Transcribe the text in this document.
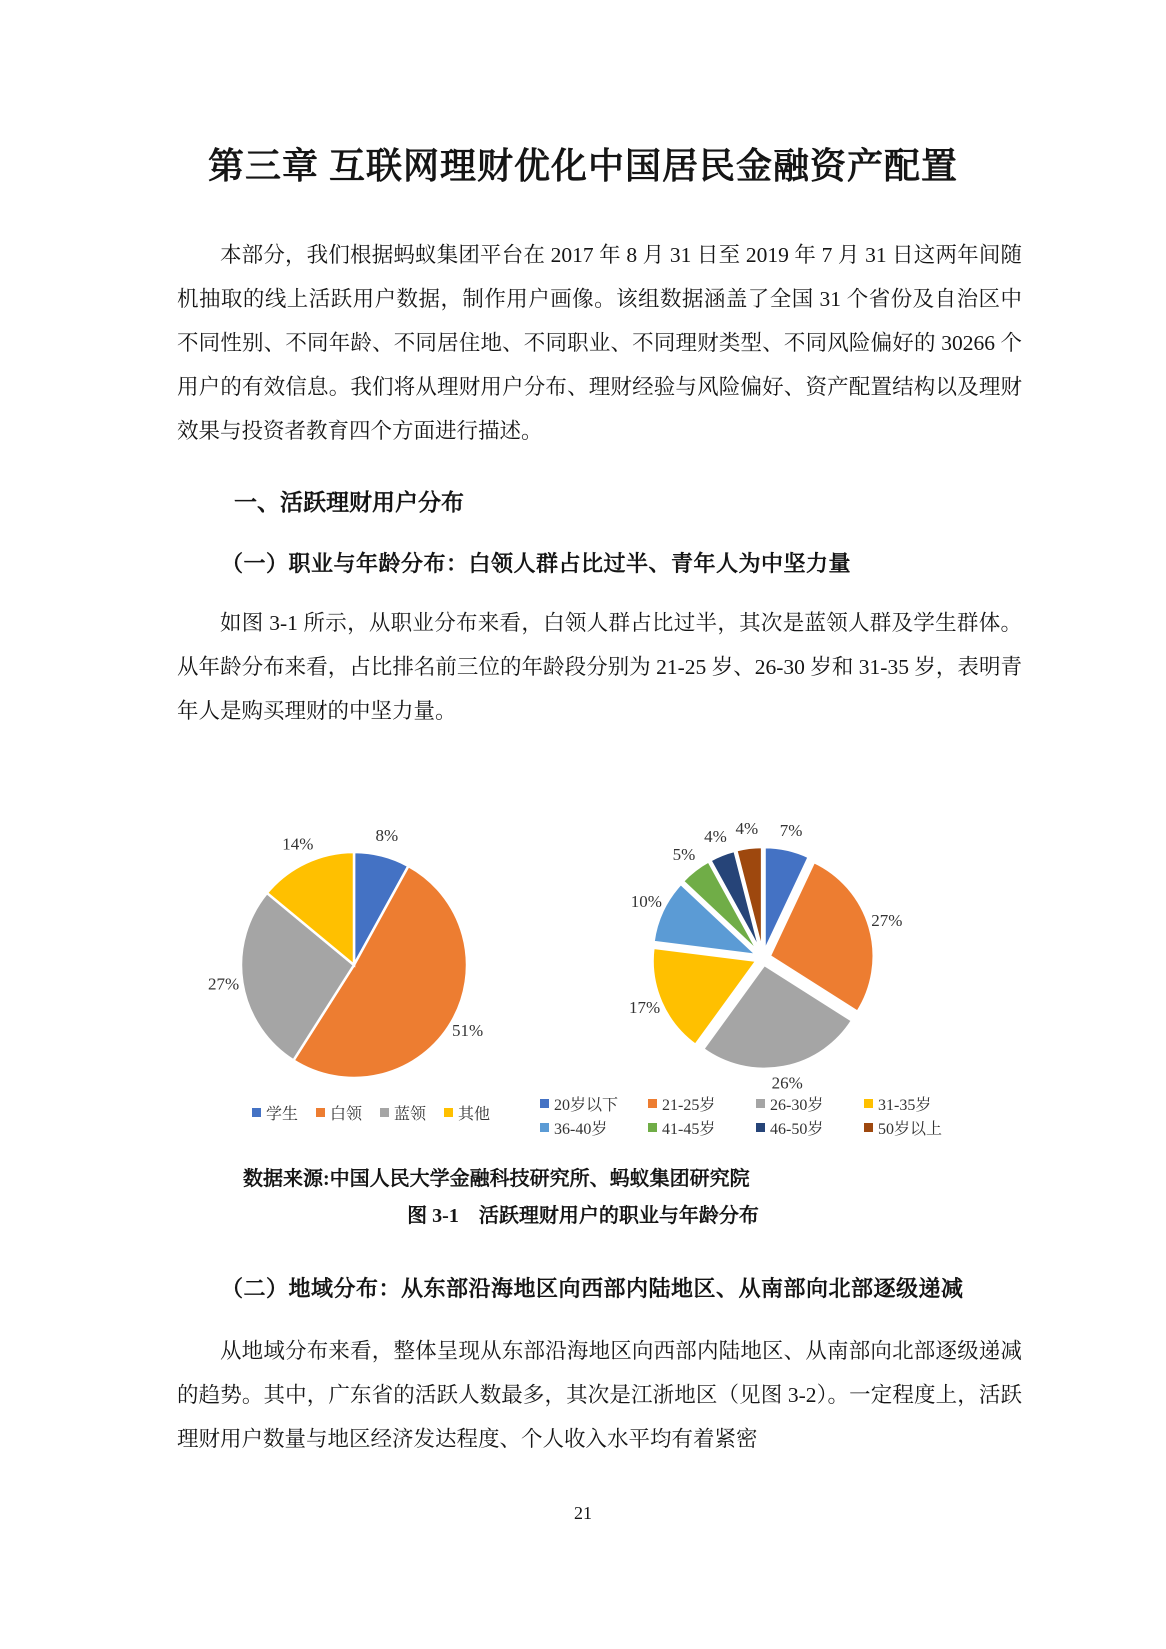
第三章 互联网理财优化中国居民金融资产配置

本部分，我们根据蚂蚁集团平台在 2017 年 8 月 31 日至 2019 年 7 月 31 日这两年间随机抽取的线上活跃用户数据，制作用户画像。该组数据涵盖了全国 31 个省份及自治区中不同性别、不同年龄、不同居住地、不同职业、不同理财类型、不同风险偏好的 30266 个用户的有效信息。我们将从理财用户分布、理财经验与风险偏好、资产配置结构以及理财效果与投资者教育四个方面进行描述。

一、活跃理财用户分布
（一）职业与年龄分布：白领人群占比过半、青年人为中坚力量

如图 3-1 所示，从职业分布来看，白领人群占比过半，其次是蓝领人群及学生群体。从年龄分布来看，占比排名前三位的年龄段分别为 21-25 岁、26-30 岁和 31-35 岁，表明青年人是购买理财的中坚力量。

8%
51%
27%
14%
7%
27%
26%
17%
10%
5%
4% 4%
学生 白领 蓝领 其他
20岁以下	21-25岁	26-30岁	31-35岁
36-40岁	41-45岁	46-50岁	50岁以上

数据来源:中国人民大学金融科技研究所、蚂蚁集团研究院

图 3-1　活跃理财用户的职业与年龄分布

（二）地域分布：从东部沿海地区向西部内陆地区、从南部向北部逐级递减

从地域分布来看，整体呈现从东部沿海地区向西部内陆地区、从南部向北部逐级递减的趋势。其中，广东省的活跃人数最多，其次是江浙地区（见图 3-2）。一定程度上，活跃理财用户数量与地区经济发达程度、个人收入水平均有着紧密

21
